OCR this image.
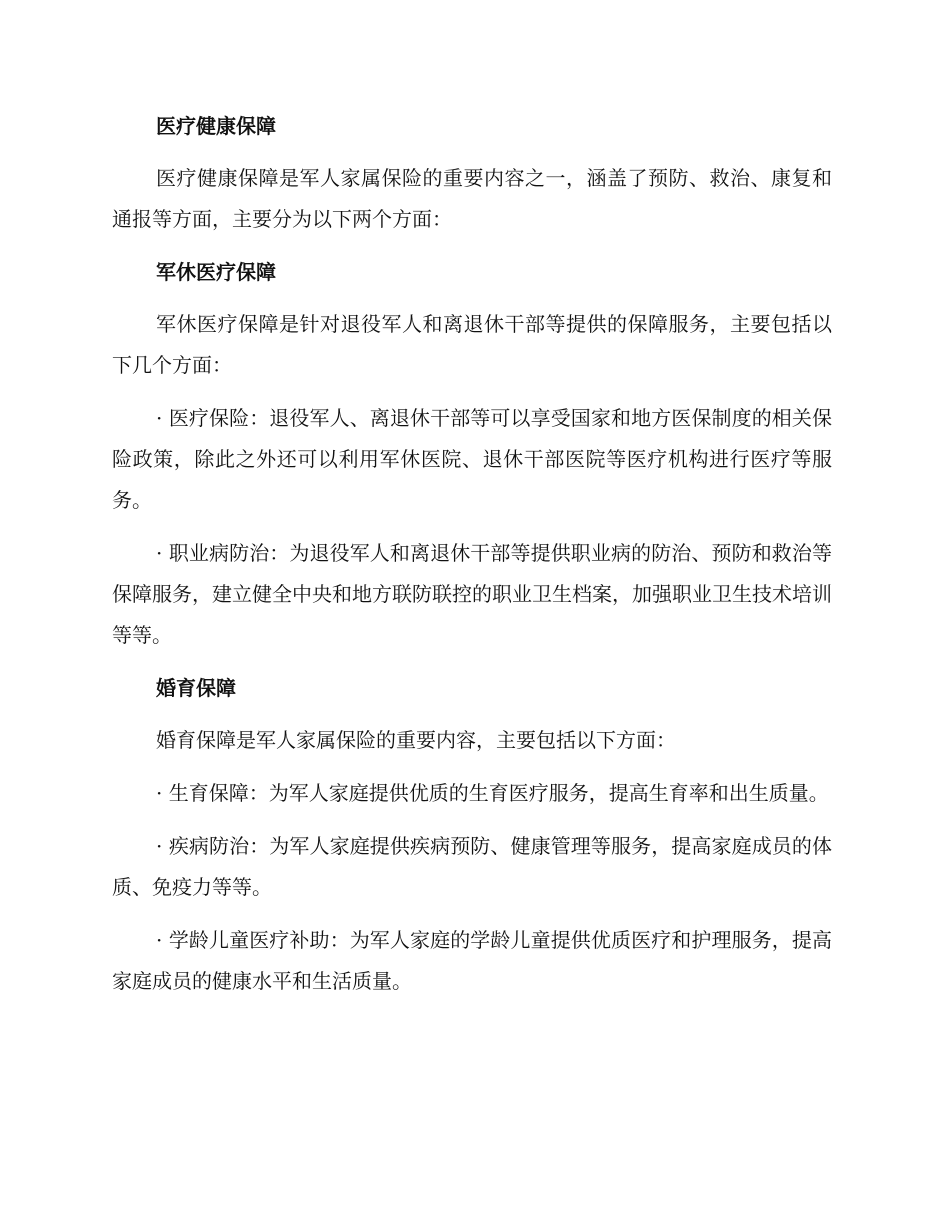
医疗健康保障

医疗健康保障是军人家属保险的重要内容之一，涵盖了预防、救治、康复和通报等方面，主要分为以下两个方面：

军休医疗保障

军休医疗保障是针对退役军人和离退休干部等提供的保障服务，主要包括以下几个方面：

· 医疗保险：退役军人、离退休干部等可以享受国家和地方医保制度的相关保险政策，除此之外还可以利用军休医院、退休干部医院等医疗机构进行医疗等服务。

· 职业病防治：为退役军人和离退休干部等提供职业病的防治、预防和救治等保障服务，建立健全中央和地方联防联控的职业卫生档案，加强职业卫生技术培训等等。

婚育保障

婚育保障是军人家属保险的重要内容，主要包括以下方面：

· 生育保障：为军人家庭提供优质的生育医疗服务，提高生育率和出生质量。

· 疾病防治：为军人家庭提供疾病预防、健康管理等服务，提高家庭成员的体质、免疫力等等。

· 学龄儿童医疗补助：为军人家庭的学龄儿童提供优质医疗和护理服务，提高家庭成员的健康水平和生活质量。
